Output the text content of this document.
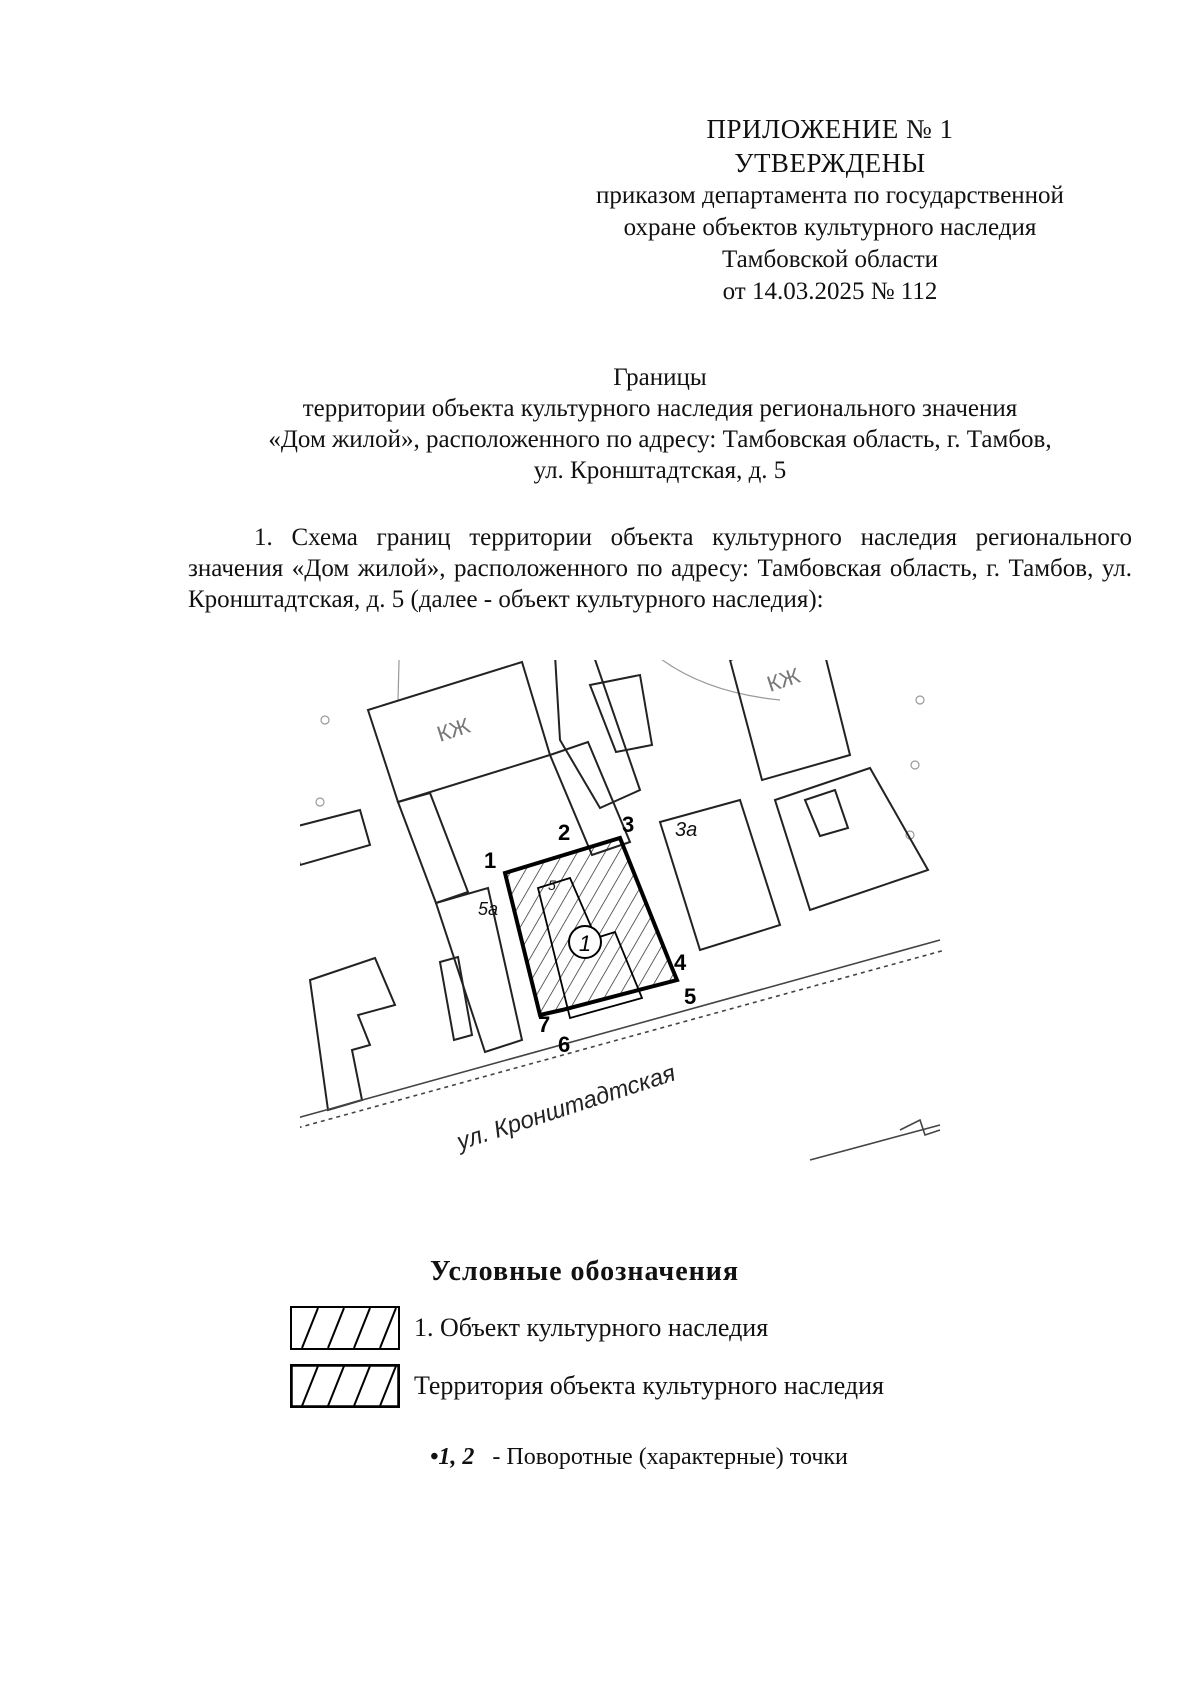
ПРИЛОЖЕНИЕ № 1
УТВЕРЖДЕНЫ
приказом департамента по государственной
охране объектов культурного наследия
Тамбовской области
от 14.03.2025 № 112
Границы
территории объекта культурного наследия регионального значения
«Дом жилой», расположенного по адресу: Тамбовская область, г. Тамбов,
ул. Кронштадтская, д. 5
1. Схема границ территории объекта культурного наследия регионального значения «Дом жилой», расположенного по адресу: Тамбовская область, г. Тамбов, ул. Кронштадтская, д. 5 (далее - объект культурного наследия):
1
5а
5
3а
КЖ
КЖ
1
2 3
4
5
6
7
ул. Кронштадтская
Условные обозначения
1. Объект культурного наследия
Территория объекта культурного наследия
•1, 2 - Поворотные (характерные) точки
